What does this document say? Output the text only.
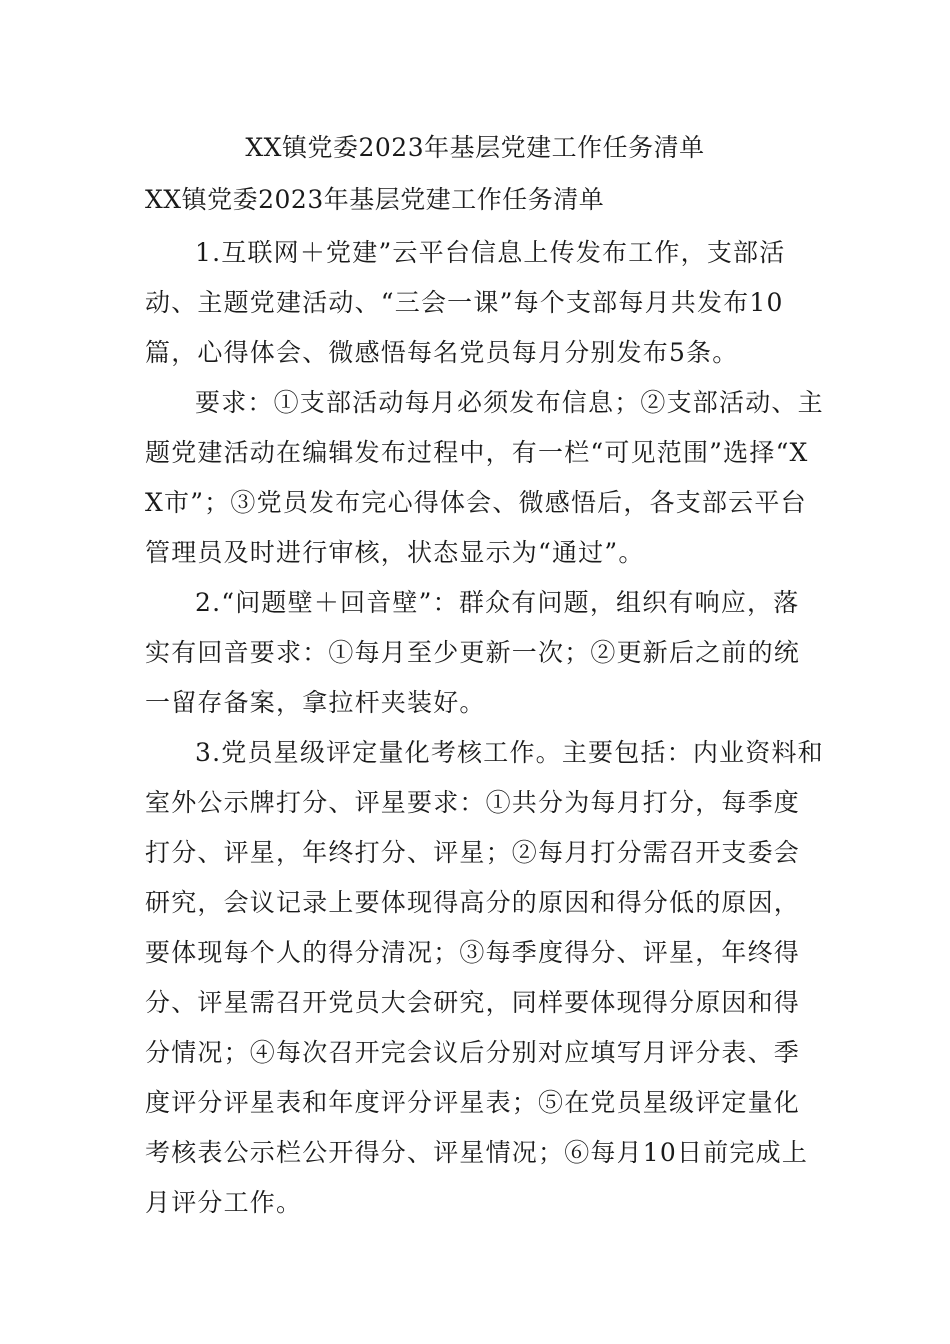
XX镇党委2023年基层党建工作任务清单
XX镇党委2023年基层党建工作任务清单

1.互联网＋党建”云平台信息上传发布工作，支部活动、主题党建活动、“三会一课”每个支部每月共发布10篇，心得体会、微感悟每名党员每月分别发布5条。

要求：①支部活动每月必须发布信息；②支部活动、主题党建活动在编辑发布过程中，有一栏“可见范围”选择“XX市”；③党员发布完心得体会、微感悟后，各支部云平台管理员及时进行审核，状态显示为“通过”。

2.“问题壁＋回音壁”：群众有问题，组织有响应，落实有回音要求：①每月至少更新一次；②更新后之前的统一留存备案，拿拉杆夹装好。

3.党员星级评定量化考核工作。主要包括：内业资料和室外公示牌打分、评星要求：①共分为每月打分，每季度打分、评星，年终打分、评星；②每月打分需召开支委会研究，会议记录上要体现得高分的原因和得分低的原因，要体现每个人的得分清况；③每季度得分、评星，年终得分、评星需召开党员大会研究，同样要体现得分原因和得分情况；④每次召开完会议后分别对应填写月评分表、季度评分评星表和年度评分评星表；⑤在党员星级评定量化考核表公示栏公开得分、评星情况；⑥每月10日前完成上月评分工作。
